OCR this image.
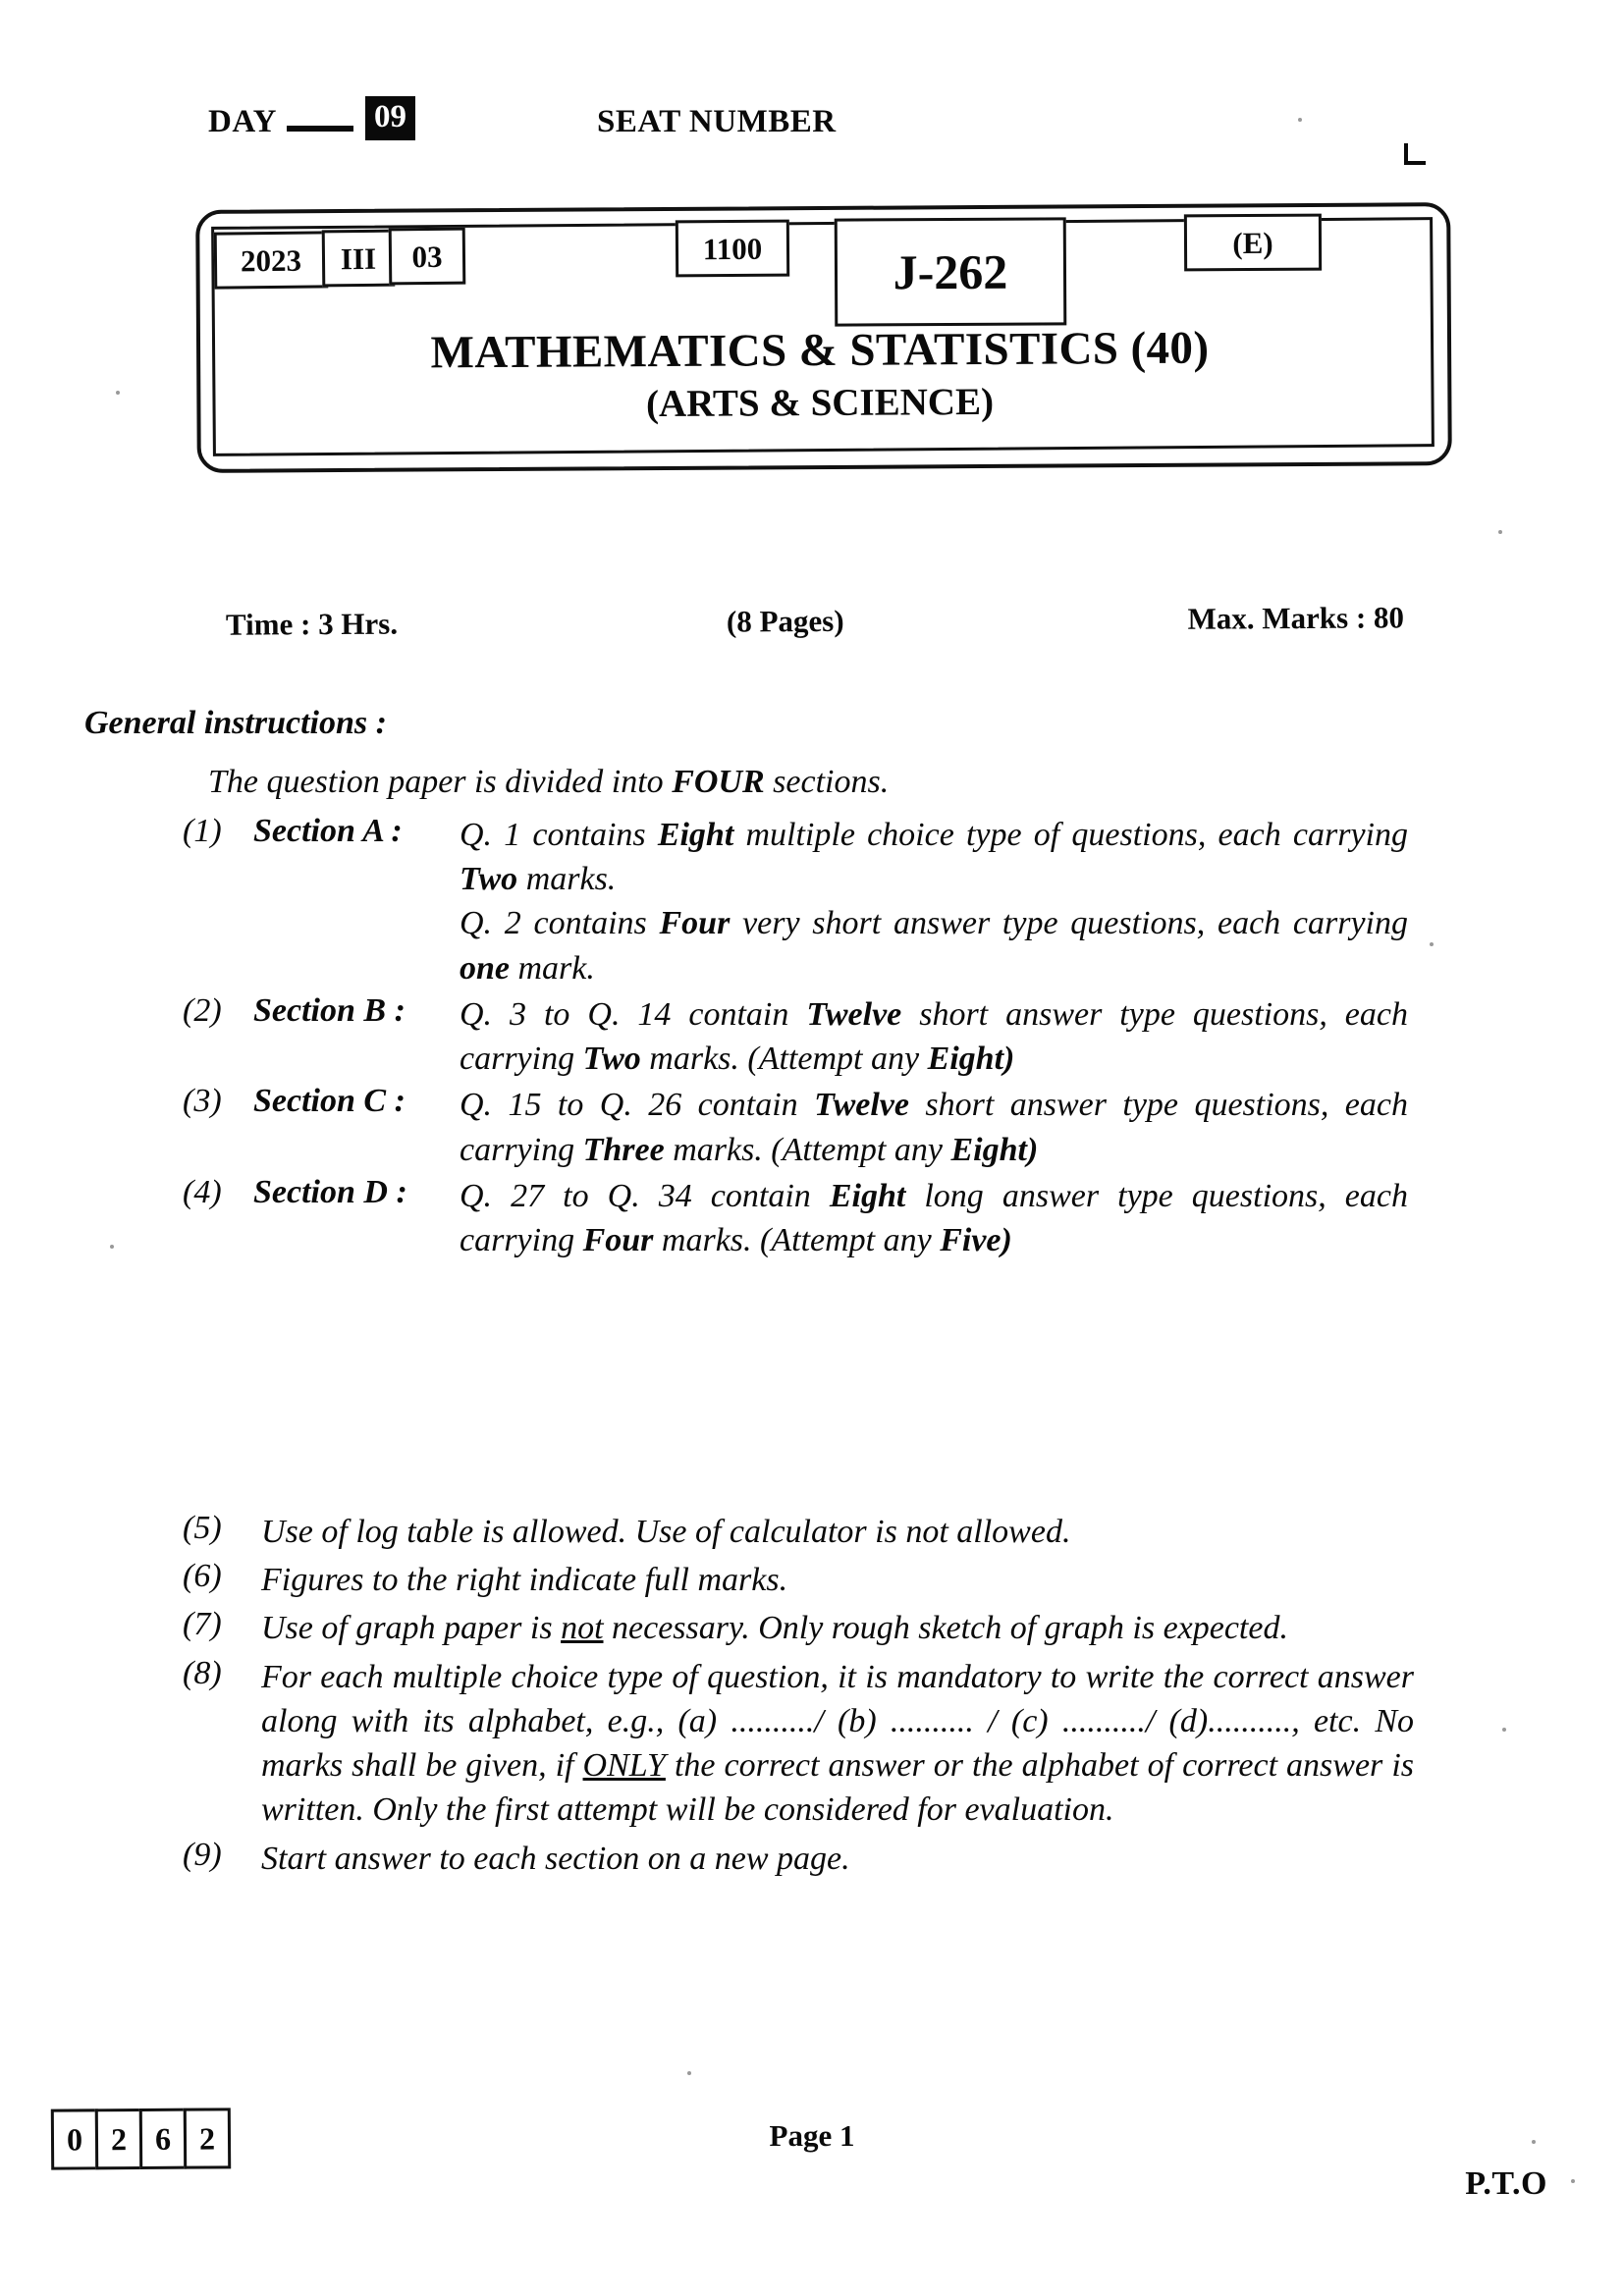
DAY	09	SEAT NUMBER
2023	III	03	1100	J-262
(E)
MATHEMATICS & STATISTICS (40)
(ARTS & SCIENCE)
Time : 3 Hrs.	(8 Pages)	Max. Marks : 80
General instructions :
The question paper is divided into FOUR sections.
(1) Section A :	Q. 1 contains Eight multiple choice type of questions, each carrying Two marks.
Q. 2 contains Four very short answer type questions, each carrying one mark.
(2) Section B :	Q. 3 to Q. 14 contain Twelve short answer type questions, each carrying Two marks. (Attempt any Eight)
(3) Section C :	Q. 15 to Q. 26 contain Twelve short answer type questions, each carrying Three marks. (Attempt any Eight)
(4) Section D :	Q. 27 to Q. 34 contain Eight long answer type questions, each carrying Four marks. (Attempt any Five)
(5)	Use of log table is allowed. Use of calculator is not allowed.
(6)	Figures to the right indicate full marks.
(7)	Use of graph paper is not necessary. Only rough sketch of graph is expected.
(8)	For each multiple choice type of question, it is mandatory to write the correct answer along with its alphabet, e.g., (a) ........../ (b) .......... / (c) ........../ (d).........., etc. No marks shall be given, if ONLY the correct answer or the alphabet of correct answer is written. Only the first attempt will be considered for evaluation.
(9)	Start answer to each section on a new page.
0 2 6 2	Page 1
P.T.O
